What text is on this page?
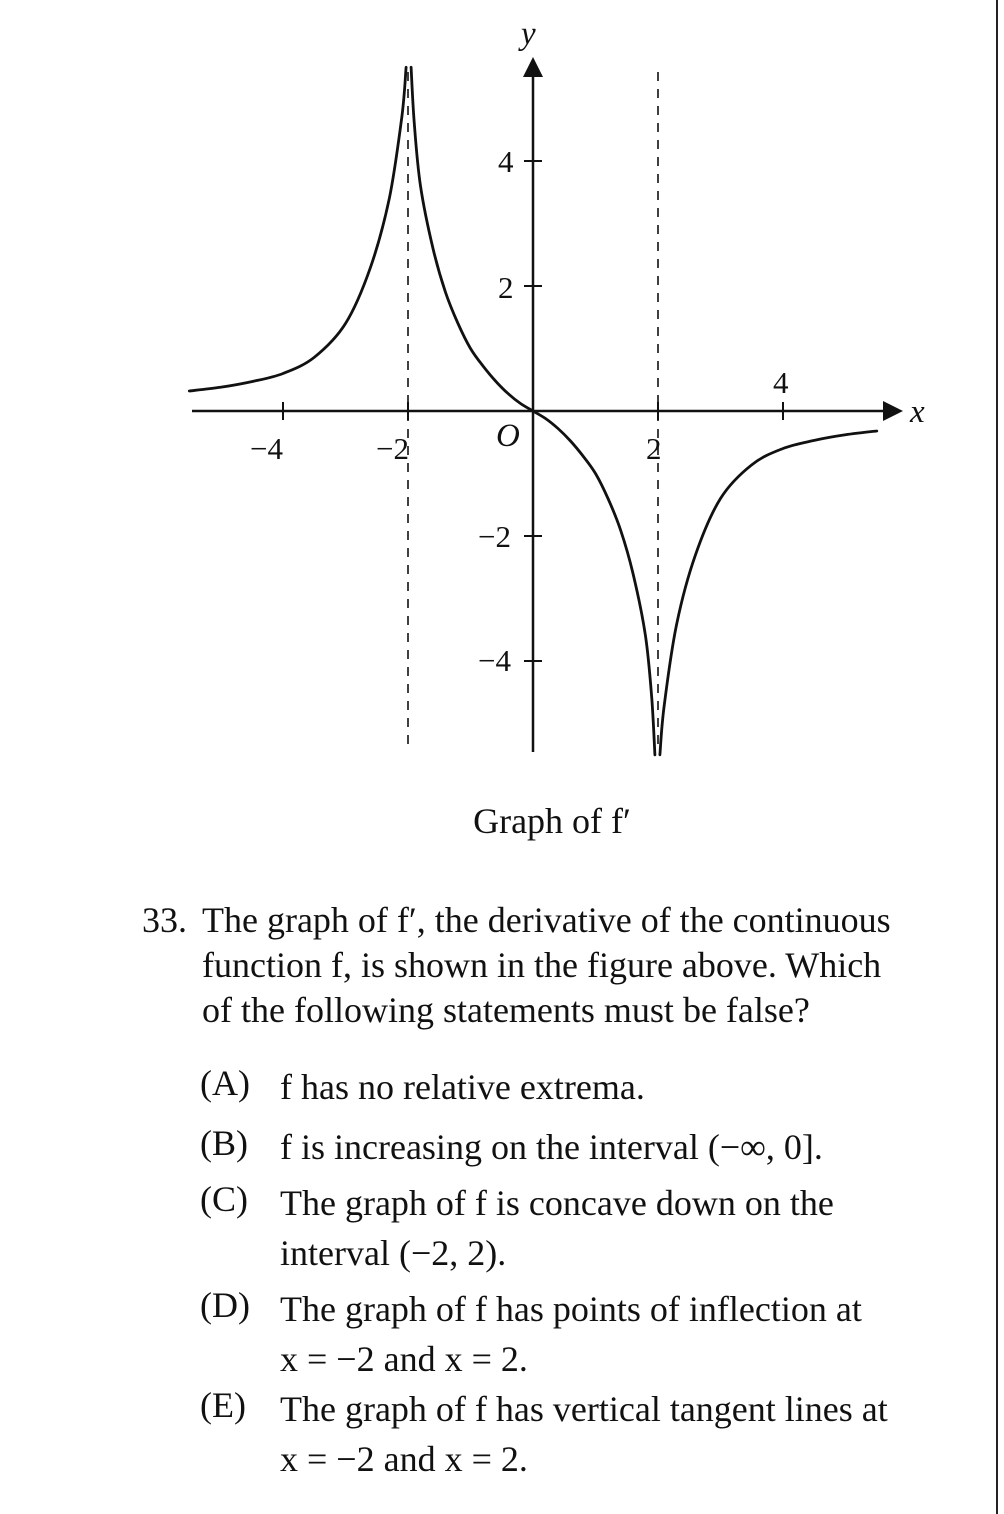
y
x
O
−4	−2	2
4
4
2
−2
−4
Graph of f′
33. The graph of f′, the derivative of the continuous
function f, is shown in the figure above. Which
of the following statements must be false?
(A) f has no relative extrema.
(B) f is increasing on the interval (−∞, 0].
(C) The graph of f is concave down on the
interval (−2, 2).
(D) The graph of f has points of inflection at
x = −2 and x = 2.
(E) The graph of f has vertical tangent lines at
x = −2 and x = 2.
